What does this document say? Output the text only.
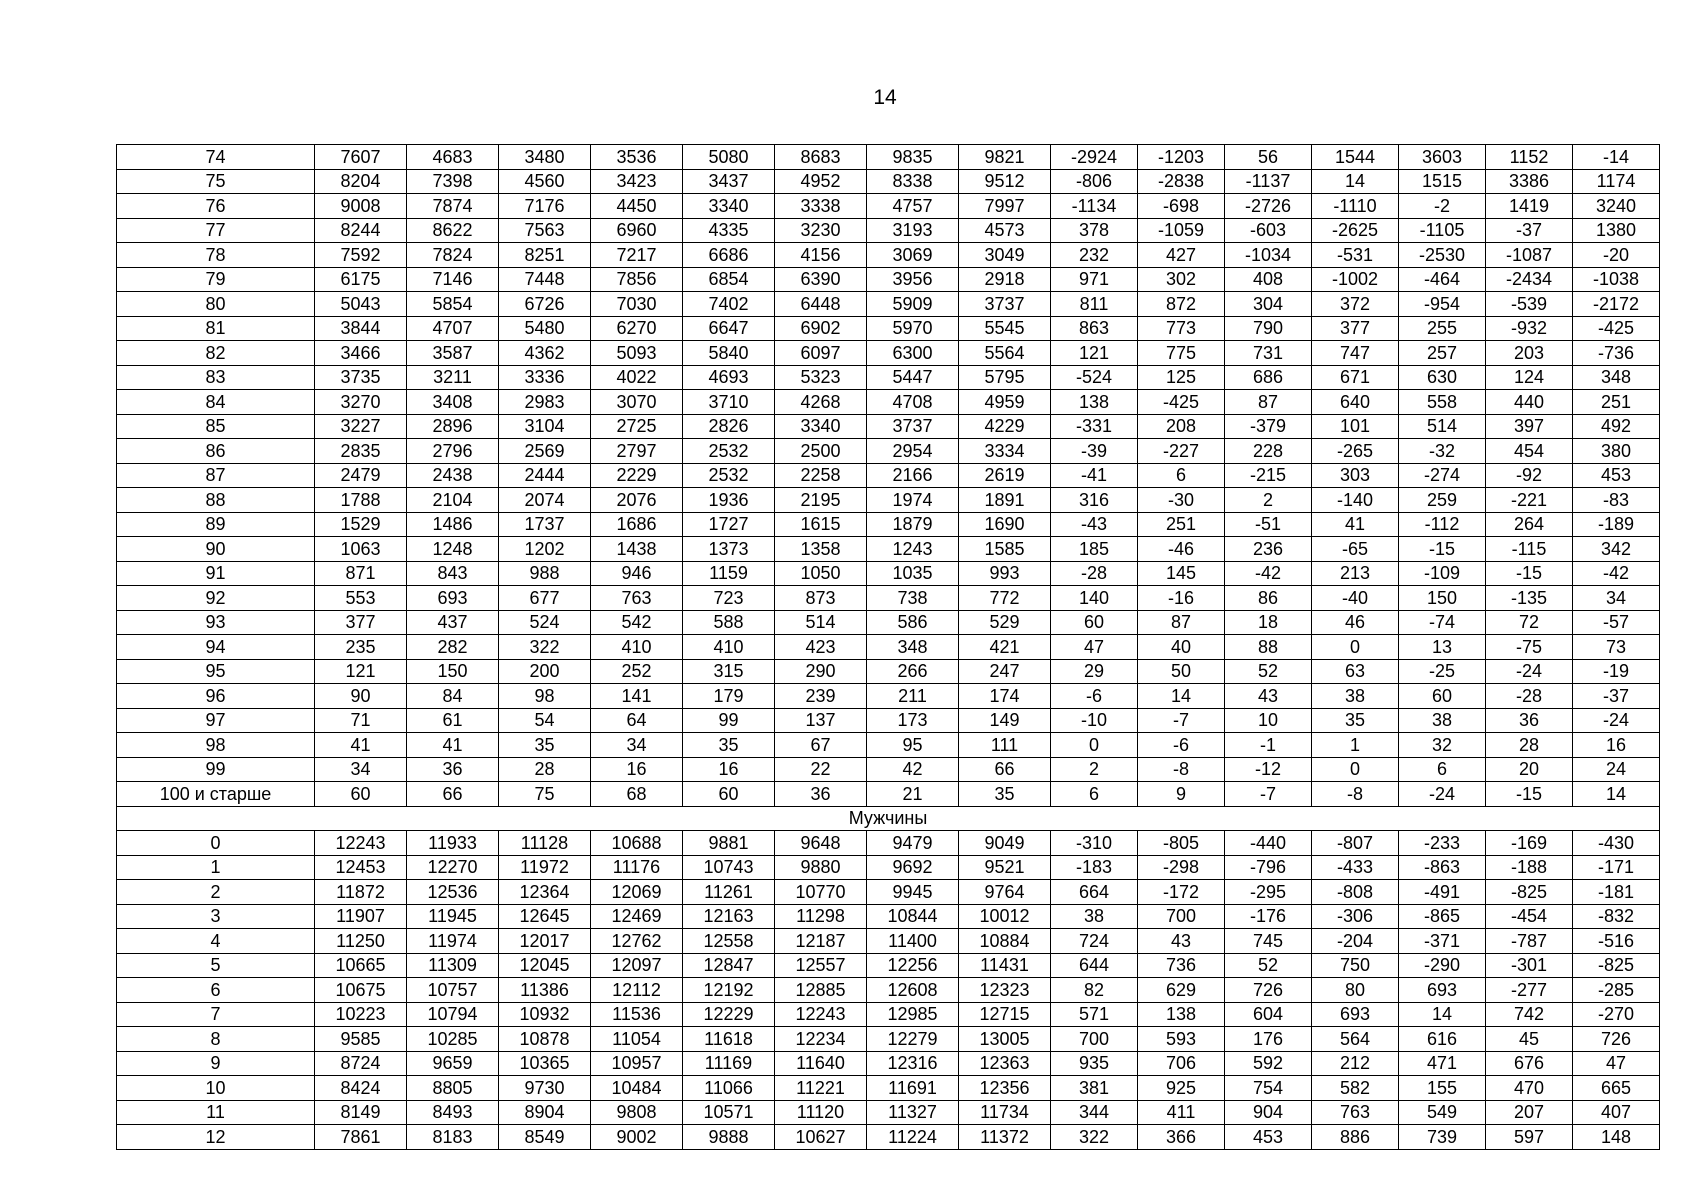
14
74	7607	4683	3480	3536	5080	8683	9835	9821	-2924	-1203	56	1544	3603	1152	-14
75	8204	7398	4560	3423	3437	4952	8338	9512	-806	-2838	-1137	14	1515	3386	1174
76	9008	7874	7176	4450	3340	3338	4757	7997	-1134	-698	-2726	-1110	-2	1419	3240
77	8244	8622	7563	6960	4335	3230	3193	4573	378	-1059	-603	-2625	-1105	-37	1380
78	7592	7824	8251	7217	6686	4156	3069	3049	232	427	-1034	-531	-2530	-1087	-20
79	6175	7146	7448	7856	6854	6390	3956	2918	971	302	408	-1002	-464	-2434	-1038
80	5043	5854	6726	7030	7402	6448	5909	3737	811	872	304	372	-954	-539	-2172
81	3844	4707	5480	6270	6647	6902	5970	5545	863	773	790	377	255	-932	-425
82	3466	3587	4362	5093	5840	6097	6300	5564	121	775	731	747	257	203	-736
83	3735	3211	3336	4022	4693	5323	5447	5795	-524	125	686	671	630	124	348
84	3270	3408	2983	3070	3710	4268	4708	4959	138	-425	87	640	558	440	251
85	3227	2896	3104	2725	2826	3340	3737	4229	-331	208	-379	101	514	397	492
86	2835	2796	2569	2797	2532	2500	2954	3334	-39	-227	228	-265	-32	454	380
87	2479	2438	2444	2229	2532	2258	2166	2619	-41	6	-215	303	-274	-92	453
88	1788	2104	2074	2076	1936	2195	1974	1891	316	-30	2	-140	259	-221	-83
89	1529	1486	1737	1686	1727	1615	1879	1690	-43	251	-51	41	-112	264	-189
90	1063	1248	1202	1438	1373	1358	1243	1585	185	-46	236	-65	-15	-115	342
91	871	843	988	946	1159	1050	1035	993	-28	145	-42	213	-109	-15	-42
92	553	693	677	763	723	873	738	772	140	-16	86	-40	150	-135	34
93	377	437	524	542	588	514	586	529	60	87	18	46	-74	72	-57
94	235	282	322	410	410	423	348	421	47	40	88	0	13	-75	73
95	121	150	200	252	315	290	266	247	29	50	52	63	-25	-24	-19
96	90	84	98	141	179	239	211	174	-6	14	43	38	60	-28	-37
97	71	61	54	64	99	137	173	149	-10	-7	10	35	38	36	-24
98	41	41	35	34	35	67	95	111	0	-6	-1	1	32	28	16
99	34	36	28	16	16	22	42	66	2	-8	-12	0	6	20	24
100 и старше	60	66	75	68	60	36	21	35	6	9	-7	-8	-24	-15	14
Мужчины															
0	12243	11933	11128	10688	9881	9648	9479	9049	-310	-805	-440	-807	-233	-169	-430
1	12453	12270	11972	11176	10743	9880	9692	9521	-183	-298	-796	-433	-863	-188	-171
2	11872	12536	12364	12069	11261	10770	9945	9764	664	-172	-295	-808	-491	-825	-181
3	11907	11945	12645	12469	12163	11298	10844	10012	38	700	-176	-306	-865	-454	-832
4	11250	11974	12017	12762	12558	12187	11400	10884	724	43	745	-204	-371	-787	-516
5	10665	11309	12045	12097	12847	12557	12256	11431	644	736	52	750	-290	-301	-825
6	10675	10757	11386	12112	12192	12885	12608	12323	82	629	726	80	693	-277	-285
7	10223	10794	10932	11536	12229	12243	12985	12715	571	138	604	693	14	742	-270
8	9585	10285	10878	11054	11618	12234	12279	13005	700	593	176	564	616	45	726
9	8724	9659	10365	10957	11169	11640	12316	12363	935	706	592	212	471	676	47
10	8424	8805	9730	10484	11066	11221	11691	12356	381	925	754	582	155	470	665
11	8149	8493	8904	9808	10571	11120	11327	11734	344	411	904	763	549	207	407
12	7861	8183	8549	9002	9888	10627	11224	11372	322	366	453	886	739	597	148
